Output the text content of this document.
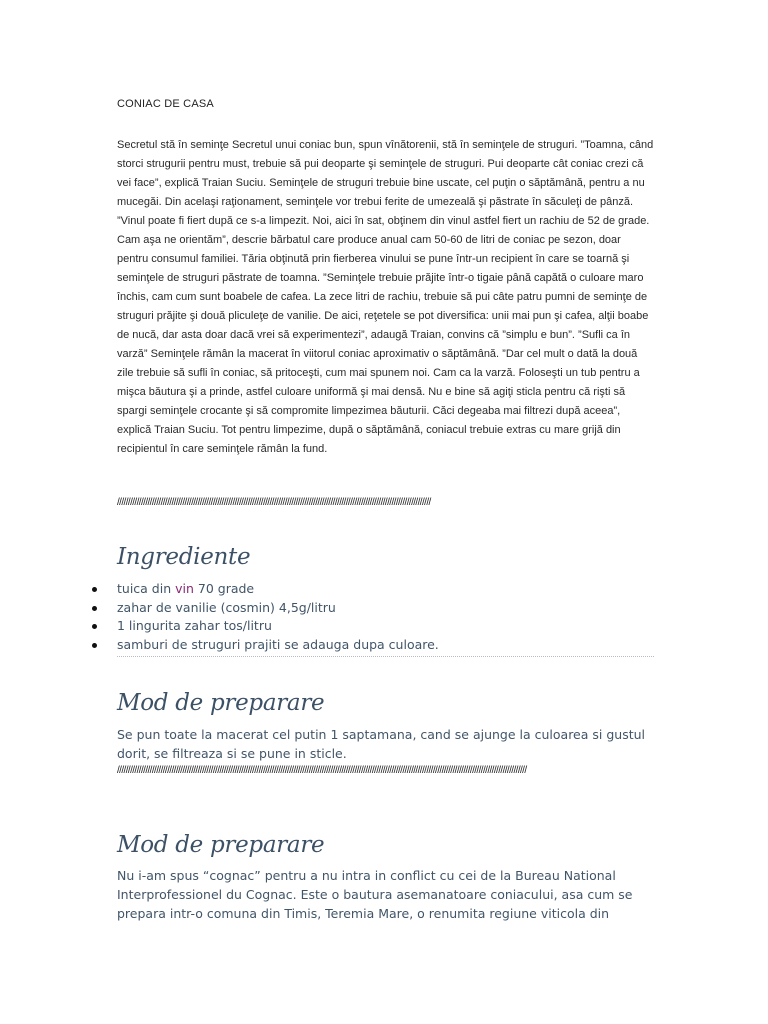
CONIAC DE CASA

Secretul stă în seminţe Secretul unui coniac bun, spun vînătorenii, stă în seminţele de struguri. ”Toamna, când storci strugurii pentru must, trebuie să pui deoparte şi seminţele de struguri. Pui deoparte cât coniac crezi că vei face”, explică Traian Suciu. Seminţele de struguri trebuie bine uscate, cel puţin o săptămână, pentru a nu mucegăi. Din acelaşi raţionament, seminţele vor trebui ferite de umezeală şi păstrate în săculeţi de pânză. ”Vinul poate fi fiert după ce s-a limpezit. Noi, aici în sat, obţinem din vinul astfel fiert un rachiu de 52 de grade. Cam aşa ne orientăm”, descrie bărbatul care produce anual cam 50-60 de litri de coniac pe sezon, doar pentru consumul familiei. Tăria obţinută prin fierberea vinului se pune într-un recipient în care se toarnă şi seminţele de struguri păstrate de toamna. ”Seminţele trebuie prăjite într-o tigaie până capătă o culoare maro închis, cam cum sunt boabele de cafea. La zece litri de rachiu, trebuie să pui câte patru pumni de seminţe de struguri prăjite şi două pliculeţe de vanilie. De aici, reţetele se pot diversifica: unii mai pun şi cafea, alţii boabe de nucă, dar asta doar dacă vrei să experimentezi”, adaugă Traian, convins că ”simplu e bun”. ”Sufli ca în varză” Seminţele rămân la macerat în viitorul coniac aproximativ o săptămână. ”Dar cel mult o dată la două zile trebuie să sufli în coniac, să pritoceşti, cum mai spunem noi. Cam ca la varză. Foloseşti un tub pentru a mişca băutura şi a prinde, astfel culoare uniformă şi mai densă. Nu e bine să agiţi sticla pentru că rişti să spargi seminţele crocante şi să compromite limpezimea băuturii. Căci degeaba mai filtrezi după aceea”, explică Traian Suciu. Tot pentru limpezime, după o săptămână, coniacul trebuie extras cu mare grijă din recipientul în care seminţele rămân la fund.

////////////////////////////////////////////////////////////////////////////////////////////////////////////////////////////////////////////////
Ingrediente
tuica din vin 70 grade
zahar de vanilie (cosmin) 4,5g/litru
1 lingurita zahar tos/litru
samburi de struguri prajiti se adauga dupa culoare.
Mod de preparare

Se pun toate la macerat cel putin 1 saptamana, cand se ajunge la culoarea si gustul dorit, se filtreaza si se pune in sticle.

////////////////////////////////////////////////////////////////////////////////////////////////////////////////////////////////////////////////////////////////////////////////////////////
Mod de preparare

Nu i-am spus “cognac” pentru a nu intra in conflict cu cei de la Bureau National Interprofessionel du Cognac. Este o bautura asemanatoare coniacului, asa cum se prepara intr-o comuna din Timis, Teremia Mare, o renumita regiune viticola din
